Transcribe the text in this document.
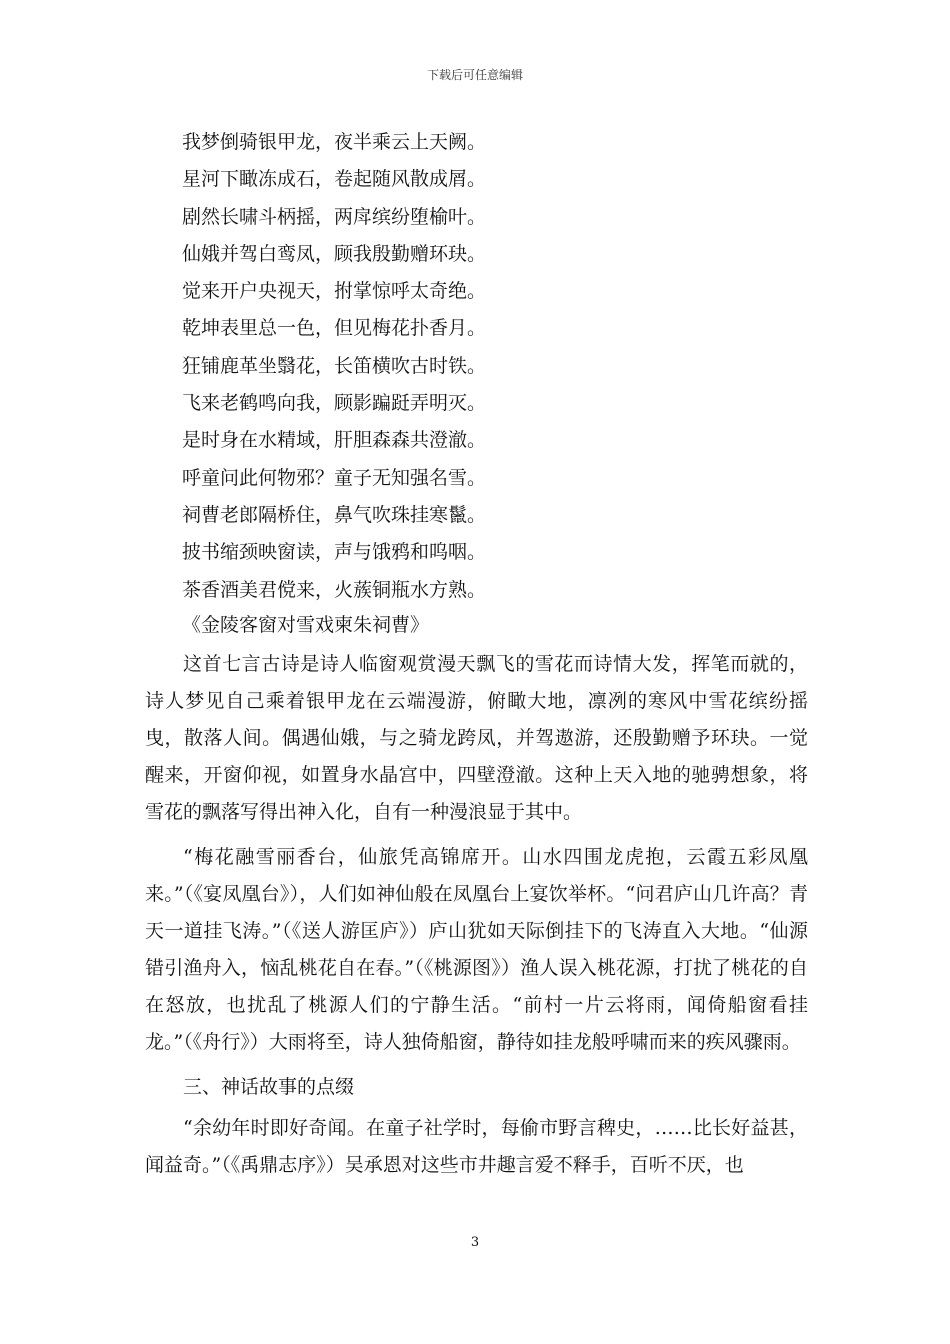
下载后可任意编辑
我梦倒骑银甲龙，夜半乘云上天阙。
星河下瞰冻成石，卷起随风散成屑。
剧然长啸斗柄摇，两戽缤纷堕榆叶。
仙娥并驾白鸾凤，顾我殷勤赠环玦。
觉来开户央视天，拊掌惊呼太奇绝。
乾坤表里总一色，但见梅花扑香月。
狂铺鹿革坐翳花，长笛横吹古时铁。
飞来老鹤鸣向我，顾影蹁跹弄明灭。
是时身在水精域，肝胆森森共澄澈。
呼童问此何物邪？童子无知强名雪。
祠曹老郎隔桥住，鼻气吹珠挂寒鬣。
披书缩颈映窗读，声与饿鸦和呜咽。
茶香酒美君傥来，火蔟铜瓶水方熟。
《金陵客窗对雪戏柬朱祠曹》

这首七言古诗是诗人临窗观赏漫天飘飞的雪花而诗情大发，挥笔而就的，诗人梦见自己乘着银甲龙在云端漫游，俯瞰大地，凛冽的寒风中雪花缤纷摇曳，散落人间。偶遇仙娥，与之骑龙跨凤，并驾遨游，还殷勤赠予环玦。一觉醒来，开窗仰视，如置身水晶宫中，四壁澄澈。这种上天入地的驰骋想象，将雪花的飘落写得出神入化，自有一种漫浪显于其中。

“梅花融雪丽香台，仙旅凭高锦席开。山水四围龙虎抱，云霞五彩凤凰来。”（《宴凤凰台》），人们如神仙般在凤凰台上宴饮举杯。“问君庐山几许高？青天一道挂飞涛。”（《送人游匡庐》）庐山犹如天际倒挂下的飞涛直入大地。“仙源错引渔舟入，恼乱桃花自在春。”（《桃源图》）渔人误入桃花源，打扰了桃花的自在怒放，也扰乱了桃源人们的宁静生活。“前村一片云将雨，闻倚船窗看挂龙。”（《舟行》）大雨将至，诗人独倚船窗，静待如挂龙般呼啸而来的疾风骤雨。

三、神话故事的点缀

“余幼年时即好奇闻。在童子社学时，每偷市野言稗史，……比长好益甚，闻益奇。”（《禹鼎志序》）吴承恩对这些市井趣言爱不释手，百听不厌，也

3
